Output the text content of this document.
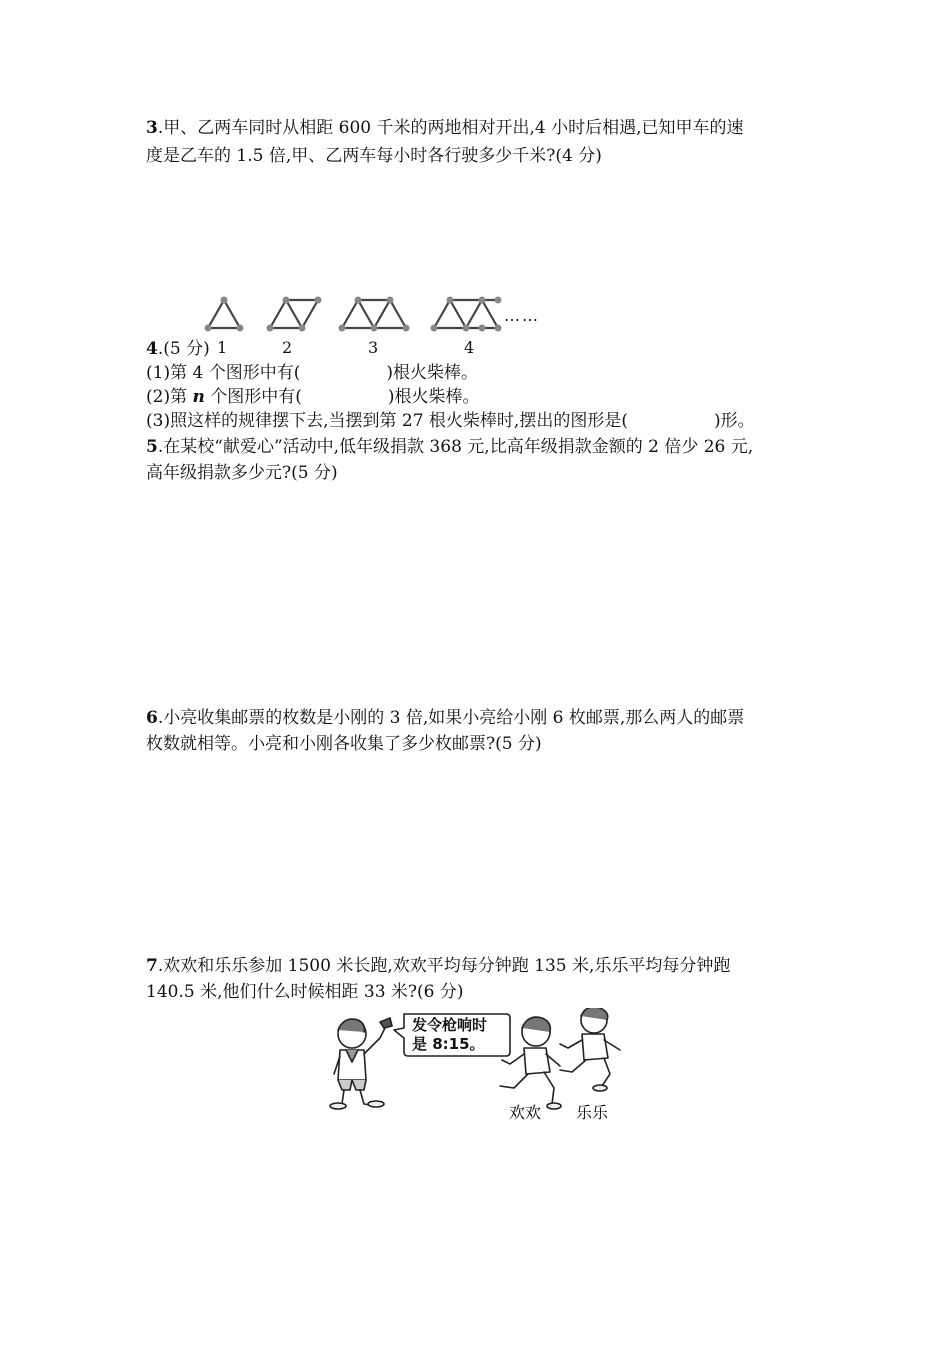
3.甲、乙两车同时从相距 600 千米的两地相对开出,4 小时后相遇,已知甲车的速
度是乙车的 1.5 倍,甲、乙两车每小时各行驶多少千米?(4 分)
……
1	2	3	4
4.(5 分)
(1)第 4 个图形中有(	)根火柴棒。
(2)第 n 个图形中有(	)根火柴棒。
(3)照这样的规律摆下去,当摆到第 27 根火柴棒时,摆出的图形是(	)形。
5.在某校“献爱心”活动中,低年级捐款 368 元,比高年级捐款金额的 2 倍少 26 元,
高年级捐款多少元?(5 分)
6.小亮收集邮票的枚数是小刚的 3 倍,如果小亮给小刚 6 枚邮票,那么两人的邮票
枚数就相等。小亮和小刚各收集了多少枚邮票?(5 分)
7.欢欢和乐乐参加 1500 米长跑,欢欢平均每分钟跑 135 米,乐乐平均每分钟跑
140.5 米,他们什么时候相距 33 米?(6 分)
发令枪响时
是 8:15。
欢欢 乐乐
